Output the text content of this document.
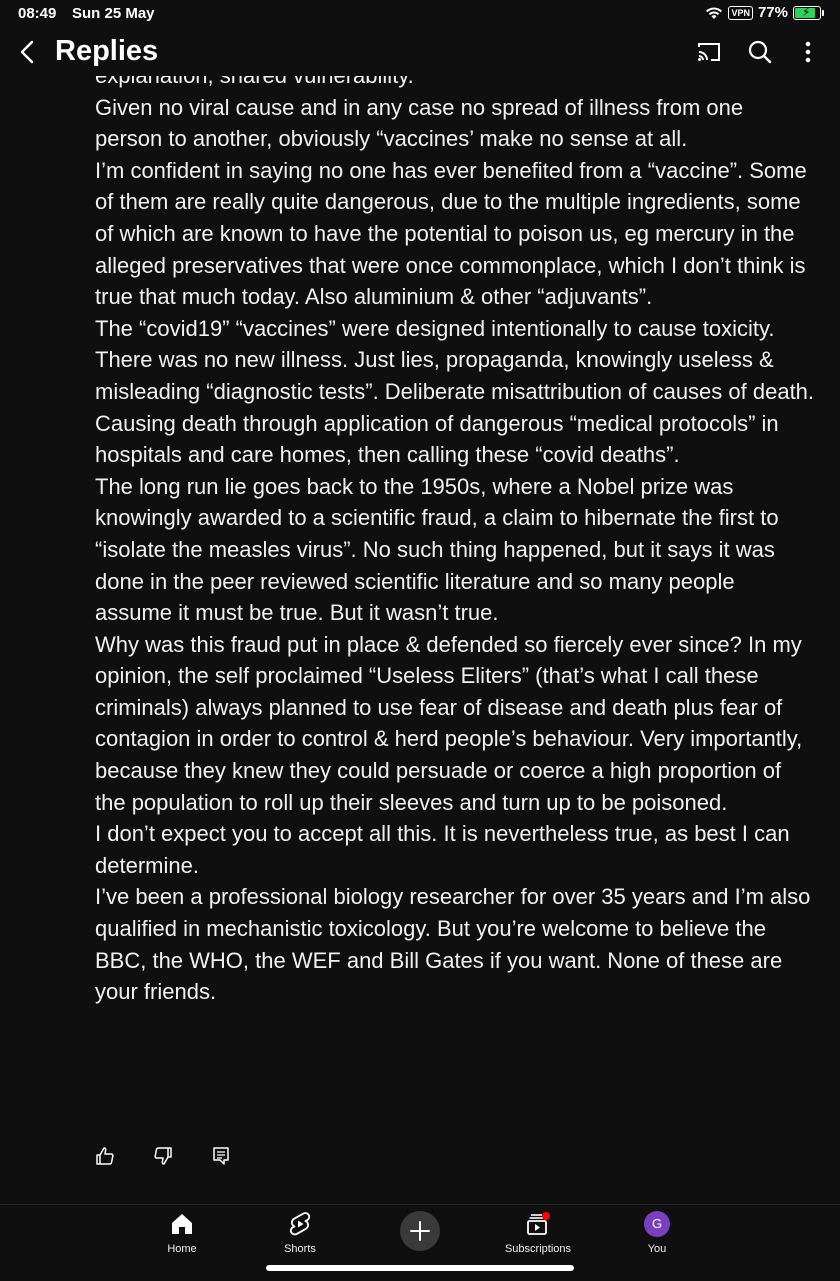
08:49 Sun 25 May	VPN 77% ⚡
Replies

Given no viral cause and in any case no spread of illness from one person to another, obviously “vaccines’ make no sense at all.
I’m confident in saying no one has ever benefited from a “vaccine”. Some of them are really quite dangerous, due to the multiple ingredients, some of which are known to have the potential to poison us, eg mercury in the alleged preservatives that were once commonplace, which I don’t think is true that much today. Also aluminium & other “adjuvants”.
The “covid19” “vaccines” were designed intentionally to cause toxicity.
There was no new illness. Just lies, propaganda, knowingly useless & misleading “diagnostic tests”. Deliberate misattribution of causes of death. Causing death through application of dangerous “medical protocols” in hospitals and care homes, then calling these “covid deaths”.
The long run lie goes back to the 1950s, where a Nobel prize was knowingly awarded to a scientific fraud, a claim to hibernate the first to “isolate the measles virus”. No such thing happened, but it says it was done in the peer reviewed scientific literature and so many people assume it must be true. But it wasn’t true.
Why was this fraud put in place & defended so fiercely ever since? In my opinion, the self proclaimed “Useless Eliters” (that’s what I call these criminals) always planned to use fear of disease and death plus fear of contagion in order to control & herd people’s behaviour. Very importantly, because they knew they could persuade or coerce a high proportion of the population to roll up their sleeves and turn up to be poisoned.
I don’t expect you to accept all this. It is nevertheless true, as best I can determine.
I’ve been a professional biology researcher for over 35 years and I’m also qualified in mechanistic toxicology. But you’re welcome to believe the BBC, the WHO, the WEF and Bill Gates if you want. None of these are your friends.

Home	Shorts	Subscriptions
G
You
